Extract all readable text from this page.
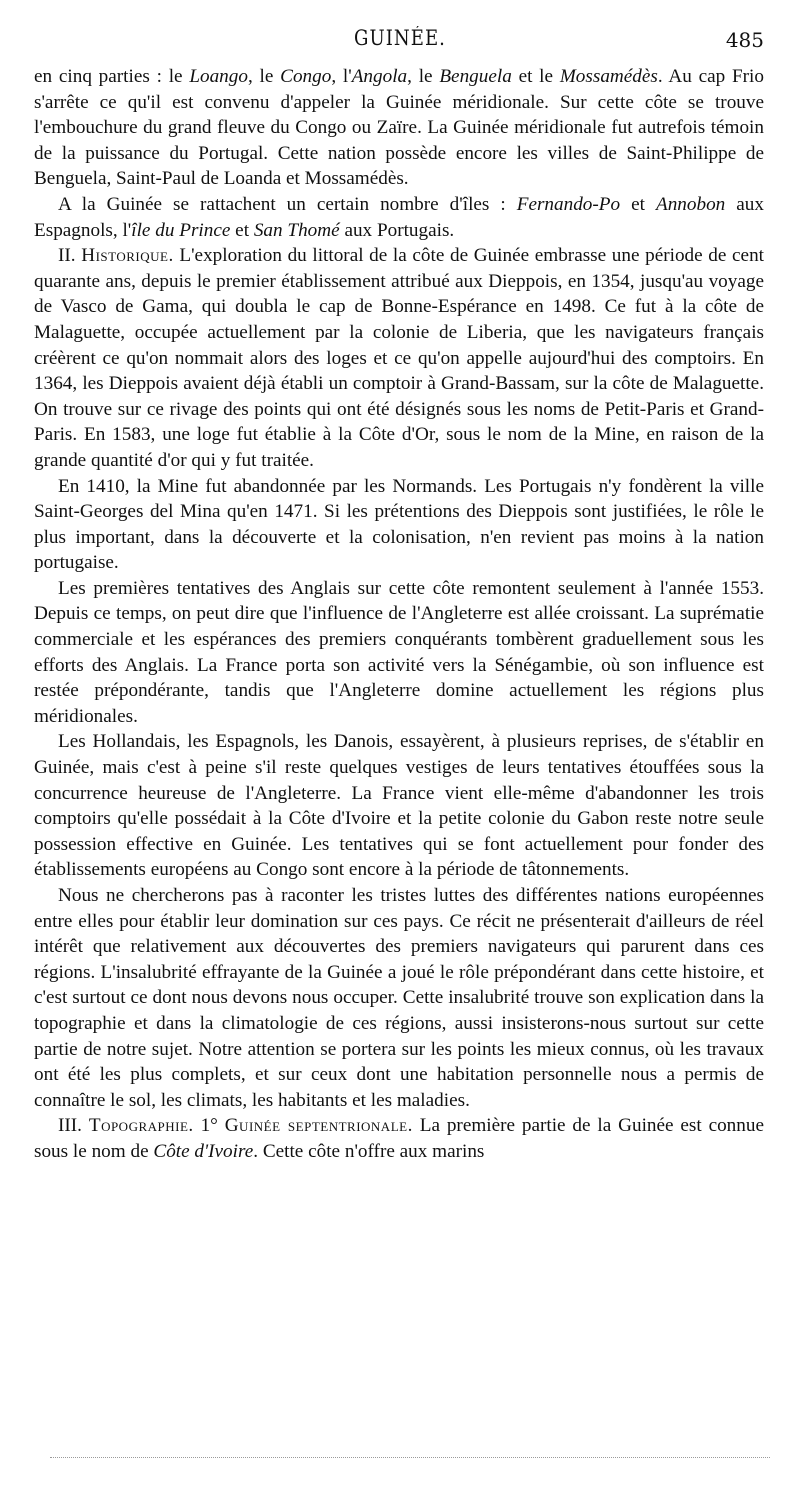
GUINÉE.	485

en cinq parties : le Loango, le Congo, l'Angola, le Benguela et le Mossamédès. Au cap Frio s'arrête ce qu'il est convenu d'appeler la Guinée méridionale. Sur cette côte se trouve l'embouchure du grand fleuve du Congo ou Zaïre. La Guinée méridionale fut autrefois témoin de la puissance du Portugal. Cette nation possède encore les villes de Saint-Philippe de Benguela, Saint-Paul de Loanda et Mossamédès.

A la Guinée se rattachent un certain nombre d'îles : Fernando-Po et Annobon aux Espagnols, l'île du Prince et San Thomé aux Portugais.

II. Historique. L'exploration du littoral de la côte de Guinée embrasse une période de cent quarante ans, depuis le premier établissement attribué aux Dieppois, en 1354, jusqu'au voyage de Vasco de Gama, qui doubla le cap de Bonne-Espérance en 1498. Ce fut à la côte de Malaguette, occupée actuellement par la colonie de Liberia, que les navigateurs français créèrent ce qu'on nommait alors des loges et ce qu'on appelle aujourd'hui des comptoirs. En 1364, les Dieppois avaient déjà établi un comptoir à Grand-Bassam, sur la côte de Malaguette. On trouve sur ce rivage des points qui ont été désignés sous les noms de Petit-Paris et Grand-Paris. En 1583, une loge fut établie à la Côte d'Or, sous le nom de la Mine, en raison de la grande quantité d'or qui y fut traitée.

En 1410, la Mine fut abandonnée par les Normands. Les Portugais n'y fondèrent la ville Saint-Georges del Mina qu'en 1471. Si les prétentions des Dieppois sont justifiées, le rôle le plus important, dans la découverte et la colonisation, n'en revient pas moins à la nation portugaise.

Les premières tentatives des Anglais sur cette côte remontent seulement à l'année 1553. Depuis ce temps, on peut dire que l'influence de l'Angleterre est allée croissant. La suprématie commerciale et les espérances des premiers conquérants tombèrent graduellement sous les efforts des Anglais. La France porta son activité vers la Sénégambie, où son influence est restée prépondérante, tandis que l'Angleterre domine actuellement les régions plus méridionales.

Les Hollandais, les Espagnols, les Danois, essayèrent, à plusieurs reprises, de s'établir en Guinée, mais c'est à peine s'il reste quelques vestiges de leurs tentatives étouffées sous la concurrence heureuse de l'Angleterre. La France vient elle-même d'abandonner les trois comptoirs qu'elle possédait à la Côte d'Ivoire et la petite colonie du Gabon reste notre seule possession effective en Guinée. Les tentatives qui se font actuellement pour fonder des établissements européens au Congo sont encore à la période de tâtonnements.

Nous ne chercherons pas à raconter les tristes luttes des différentes nations européennes entre elles pour établir leur domination sur ces pays. Ce récit ne présenterait d'ailleurs de réel intérêt que relativement aux découvertes des premiers navigateurs qui parurent dans ces régions. L'insalubrité effrayante de la Guinée a joué le rôle prépondérant dans cette histoire, et c'est surtout ce dont nous devons nous occuper. Cette insalubrité trouve son explication dans la topographie et dans la climatologie de ces régions, aussi insisterons-nous surtout sur cette partie de notre sujet. Notre attention se portera sur les points les mieux connus, où les travaux ont été les plus complets, et sur ceux dont une habitation personnelle nous a permis de connaître le sol, les climats, les habitants et les maladies.

III. Topographie. 1° Guinée septentrionale. La première partie de la Guinée est connue sous le nom de Côte d'Ivoire. Cette côte n'offre aux marins
